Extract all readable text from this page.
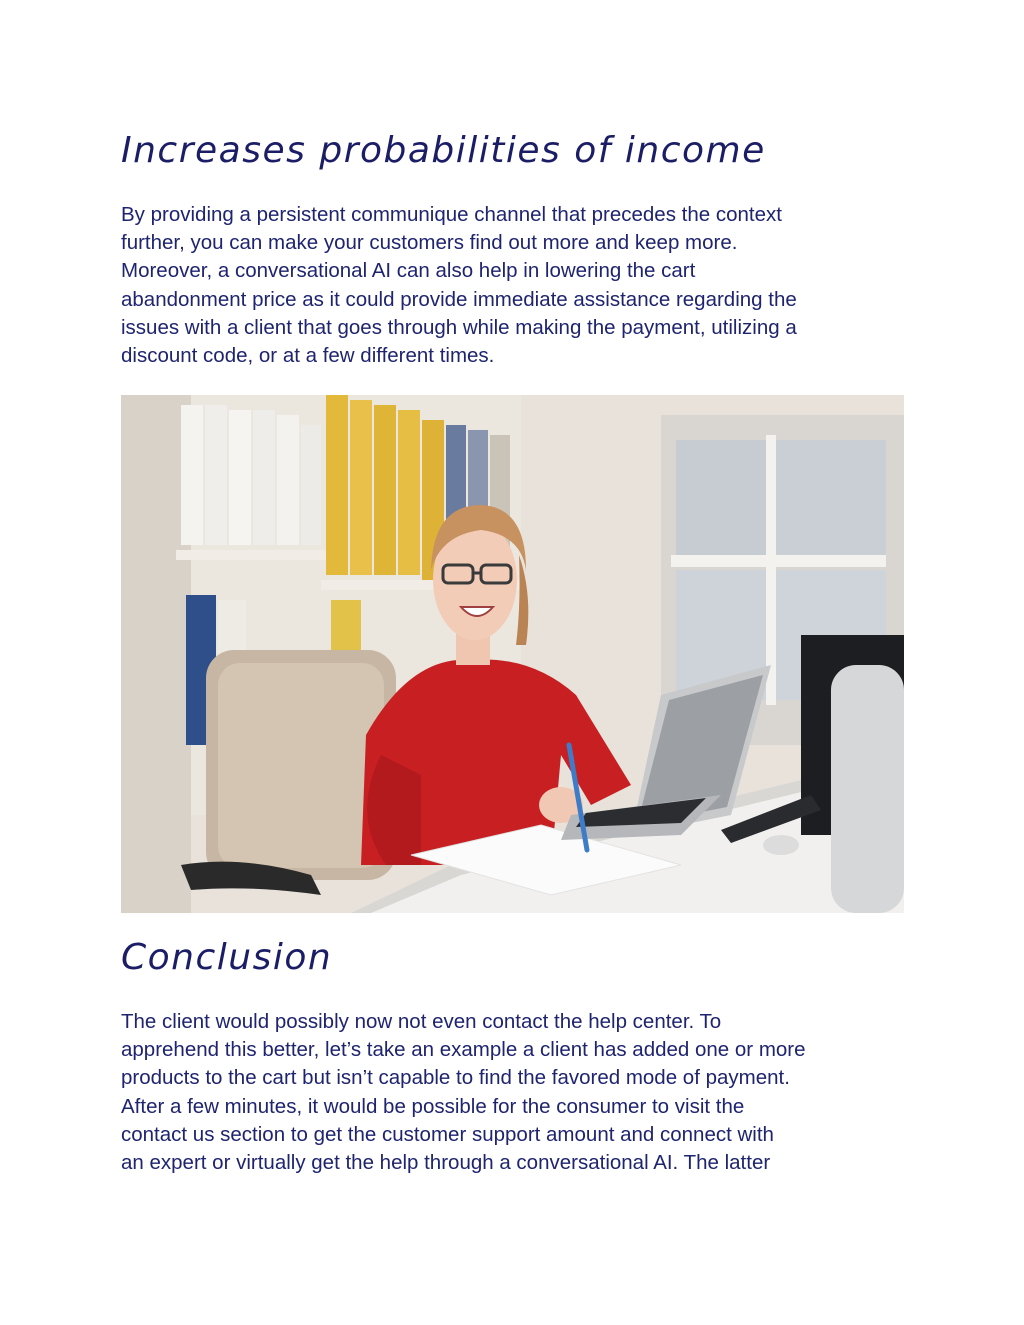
Increases probabilities of income

By providing a persistent communique channel that precedes the context
further, you can make your customers find out more and keep more.
Moreover, a conversational AI can also help in lowering the cart
abandonment price as it could provide immediate assistance regarding the
issues with a client that goes through while making the payment, utilizing a
discount code, or at a few different times.

Conclusion

The client would possibly now not even contact the help center. To
apprehend this better, let’s take an example a client has added one or more
products to the cart but isn’t capable to find the favored mode of payment.
After a few minutes, it would be possible for the consumer to visit the
contact us section to get the customer support amount and connect with
an expert or virtually get the help through a conversational AI. The latter
